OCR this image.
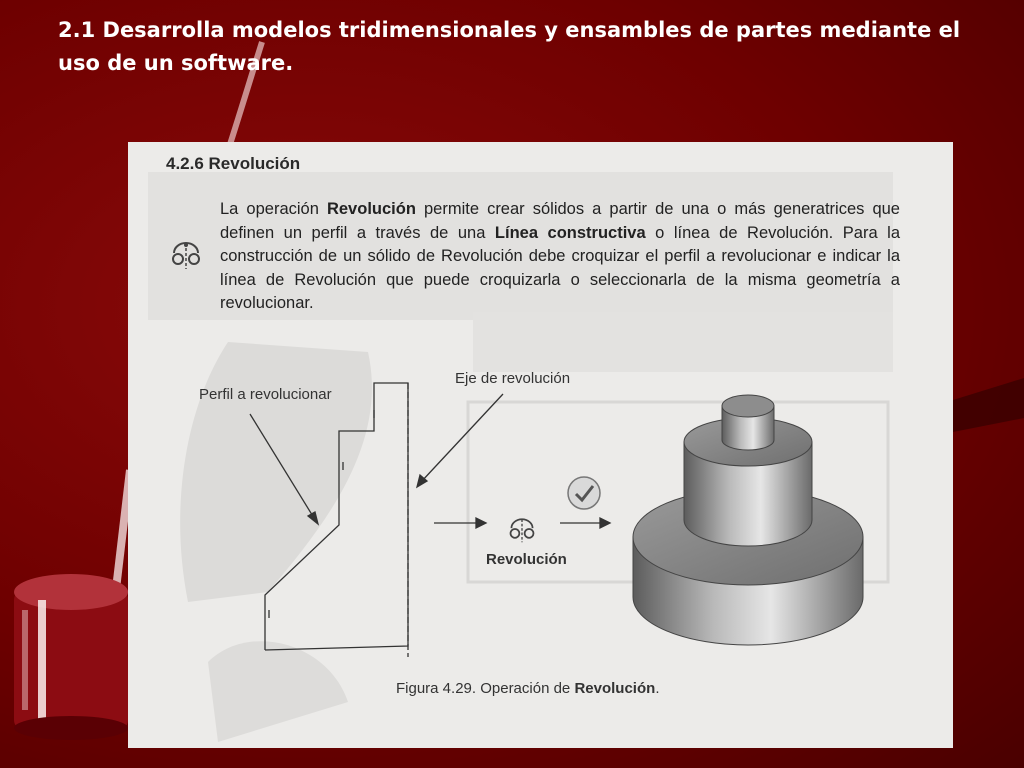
2.1 Desarrolla modelos tridimensionales y ensambles de partes mediante el uso de un software.
4.2.6 Revolución

La operación Revolución permite crear sólidos a partir de una o más generatrices que definen un perfil a través de una Línea constructiva o línea de Revolución. Para la construcción de un sólido de Revolución debe croquizar el perfil a revolucionar e indicar la línea de Revolución que puede croquizarla o seleccionarla de la misma geometría a revolucionar.

Perfil a revolucionar
Eje de revolución
Revolución
Figura 4.29. Operación de Revolución.
